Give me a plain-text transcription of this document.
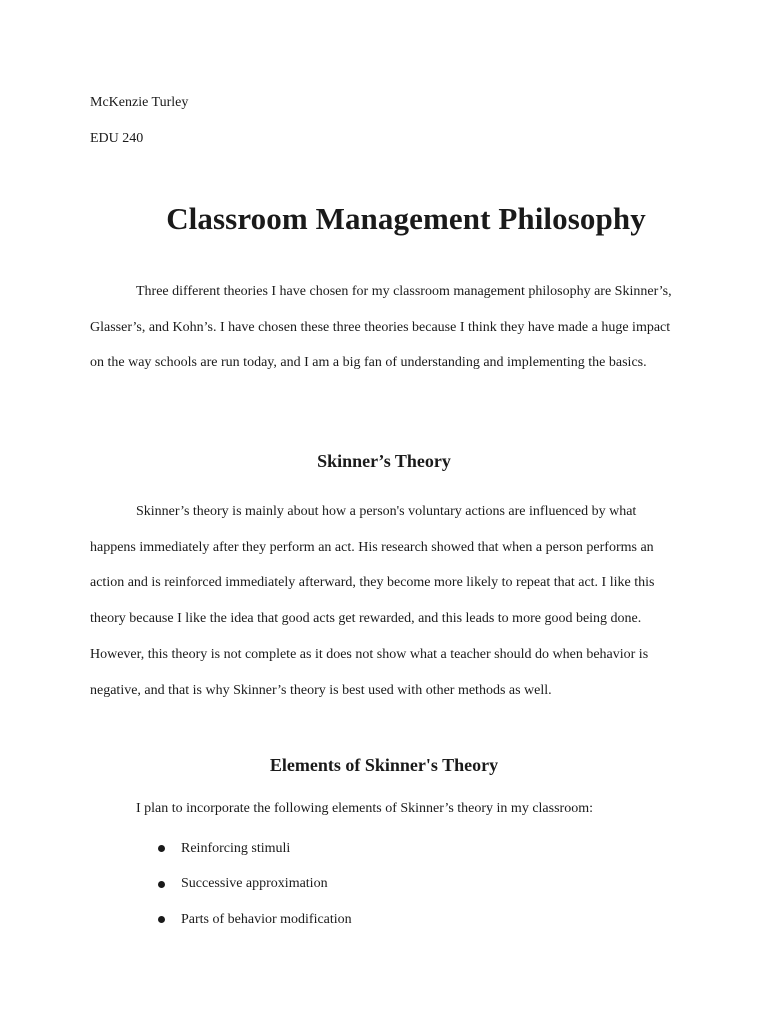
McKenzie Turley

EDU 240

Classroom Management Philosophy

Three different theories I have chosen for my classroom management philosophy are Skinner’s, Glasser’s, and Kohn’s. I have chosen these three theories because I think they have made a huge impact on the way schools are run today, and I am a big fan of understanding and implementing the basics.

Skinner’s Theory

Skinner’s theory is mainly about how a person's voluntary actions are influenced by what happens immediately after they perform an act. His research showed that when a person performs an action and is reinforced immediately afterward, they become more likely to repeat that act. I like this theory because I like the idea that good acts get rewarded, and this leads to more good being done. However, this theory is not complete as it does not show what a teacher should do when behavior is negative, and that is why Skinner’s theory is best used with other methods as well.

Elements of Skinner's Theory

I plan to incorporate the following elements of Skinner’s theory in my classroom:

Reinforcing stimuli
Successive approximation
Parts of behavior modification
